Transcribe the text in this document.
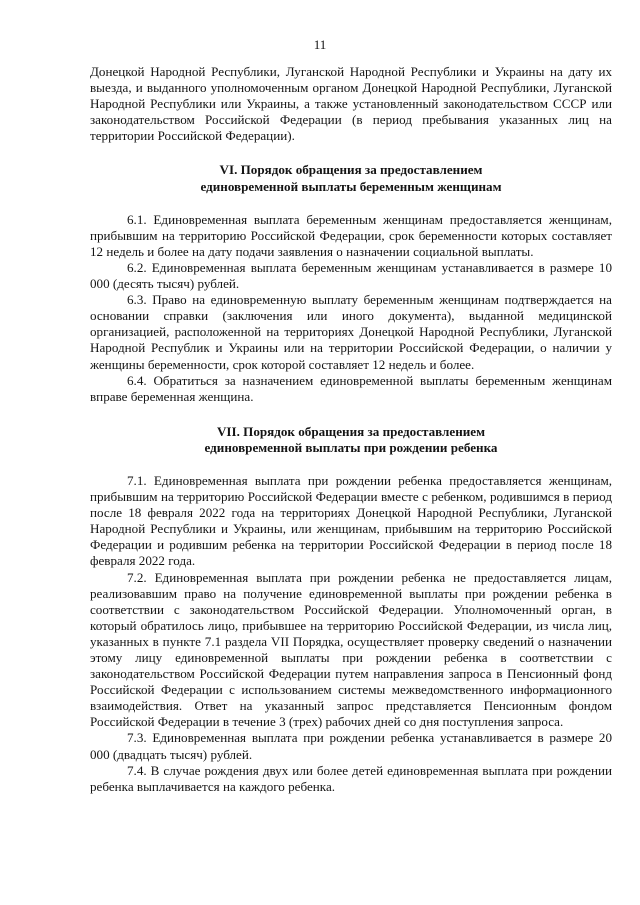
11

Донецкой Народной Республики, Луганской Народной Республики и Украины на дату их выезда, и выданного уполномоченным органом Донецкой Народной Республики, Луганской Народной Республики или Украины, а также установленный законодательством СССР или законодательством Российской Федерации (в период пребывания указанных лиц на территории Российской Федерации).

VI. Порядок обращения за предоставлением
единовременной выплаты беременным женщинам

6.1. Единовременная выплата беременным женщинам предоставляется женщинам, прибывшим на территорию Российской Федерации, срок беременности которых составляет 12 недель и более на дату подачи заявления о назначении социальной выплаты.

6.2. Единовременная выплата беременным женщинам устанавливается в размере 10 000 (десять тысяч) рублей.

6.3. Право на единовременную выплату беременным женщинам подтверждается на основании справки (заключения или иного документа), выданной медицинской организацией, расположенной на территориях Донецкой Народной Республики, Луганской Народной Республик и Украины или на территории Российской Федерации, о наличии у женщины беременности, срок которой составляет 12 недель и более.

6.4. Обратиться за назначением единовременной выплаты беременным женщинам вправе беременная женщина.

VII. Порядок обращения за предоставлением
единовременной выплаты при рождении ребенка

7.1. Единовременная выплата при рождении ребенка предоставляется женщинам, прибывшим на территорию Российской Федерации вместе с ребенком, родившимся в период после 18 февраля 2022 года на территориях Донецкой Народной Республики, Луганской Народной Республики и Украины, или женщинам, прибывшим на территорию Российской Федерации и родившим ребенка на территории Российской Федерации в период после 18 февраля 2022 года.

7.2. Единовременная выплата при рождении ребенка не предоставляется лицам, реализовавшим право на получение единовременной выплаты при рождении ребенка в соответствии с законодательством Российской Федерации. Уполномоченный орган, в который обратилось лицо, прибывшее на территорию Российской Федерации, из числа лиц, указанных в пункте 7.1 раздела VII Порядка, осуществляет проверку сведений о назначении этому лицу единовременной выплаты при рождении ребенка в соответствии с законодательством Российской Федерации путем направления запроса в Пенсионный фонд Российской Федерации с использованием системы межведомственного информационного взаимодействия. Ответ на указанный запрос представляется Пенсионным фондом Российской Федерации в течение 3 (трех) рабочих дней со дня поступления запроса.

7.3. Единовременная выплата при рождении ребенка устанавливается в размере 20 000 (двадцать тысяч) рублей.

7.4. В случае рождения двух или более детей единовременная выплата при рождении ребенка выплачивается на каждого ребенка.
